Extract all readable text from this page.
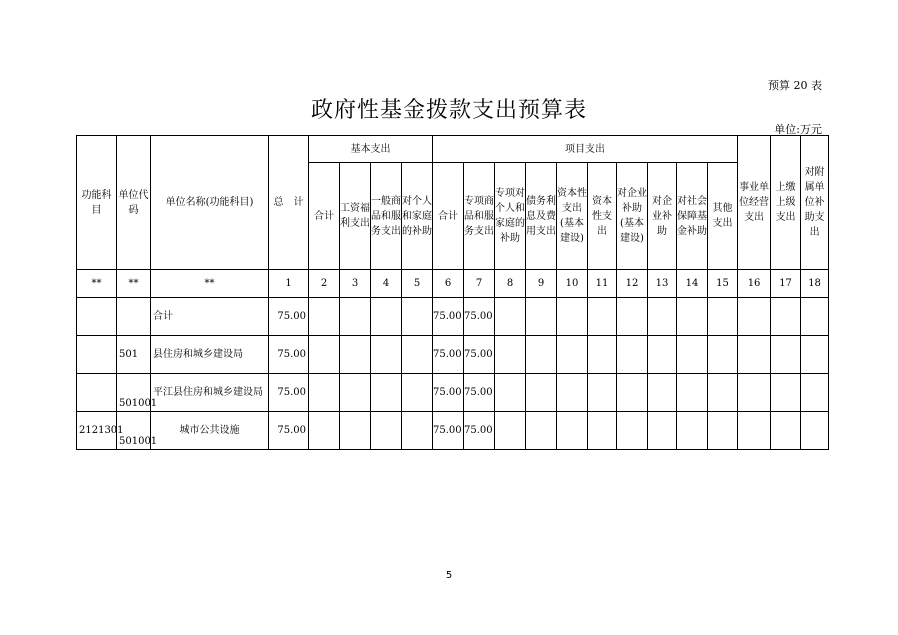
预算 20 表
政府性基金拨款支出预算表
单位:万元
功能科目	单位代码	单位名称(功能科目)	总　计	基本支出				项目支出										事业单位经营支出	上缴上级支出	对附属单位补助支出
				合计	工资福利支出	一般商品和服务支出	对个人和家庭的补助	合计	专项商品和服务支出	专项对个人和家庭的补助	债务利息及费用支出	资本性支出(基本建设)	资本性支出	对企业补助(基本建设)	对企业补助	对社会保障基金补助	其他支出			
**	**	**	1	2	3	4	5	6	7	8	9	10	11	12	13	14	15	16	17	18
		合计	75.00					75.00	75.00											
	501	县住房和城乡建设局	75.00					75.00	75.00											
	501001	平江县住房和城乡建设局	75.00					75.00	75.00											
2121301	501001	城市公共设施	75.00					75.00	75.00											
5
